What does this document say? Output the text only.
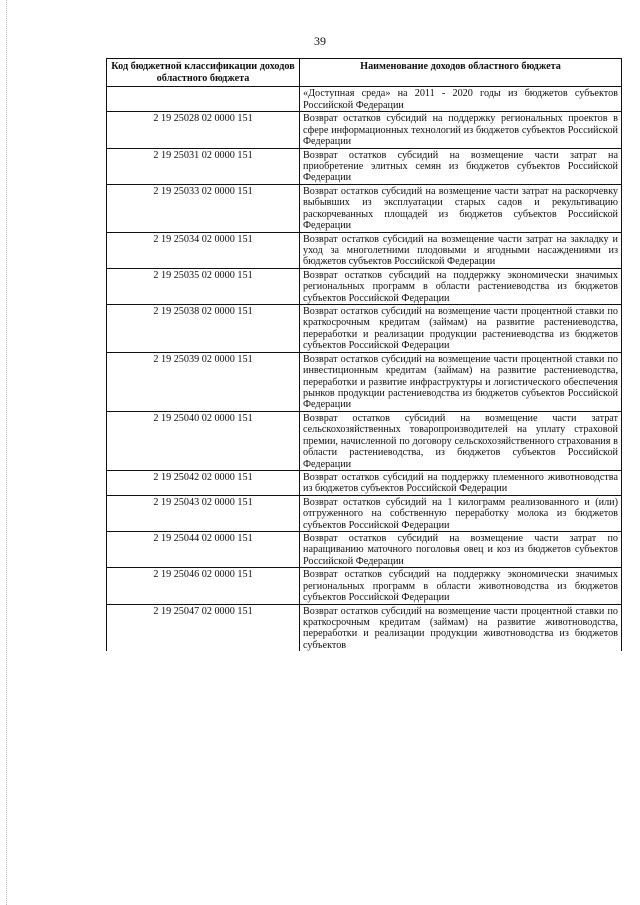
39
Код бюджетной классификации доходов областного бюджета	Наименование доходов областного бюджета
	«Доступная среда» на 2011 - 2020 годы из бюджетов субъектов Российской Федерации
2 19 25028 02 0000 151	Возврат остатков субсидий на поддержку региональных проектов в сфере информационных технологий из бюджетов субъектов Российской Федерации
2 19 25031 02 0000 151	Возврат остатков субсидий на возмещение части затрат на приобретение элитных семян из бюджетов субъектов Российской Федерации
2 19 25033 02 0000 151	Возврат остатков субсидий на возмещение части затрат на раскорчевку выбывших из эксплуатации старых садов и рекультивацию раскорчеванных площадей из бюджетов субъектов Российской Федерации
2 19 25034 02 0000 151	Возврат остатков субсидий на возмещение части затрат на закладку и уход за многолетними плодовыми и ягодными насаждениями из бюджетов субъектов Российской Федерации
2 19 25035 02 0000 151	Возврат остатков субсидий на поддержку экономически значимых региональных программ в области растениеводства из бюджетов субъектов Российской Федерации
2 19 25038 02 0000 151	Возврат остатков субсидий на возмещение части процентной ставки по краткосрочным кредитам (займам) на развитие растениеводства, переработки и реализации продукции растениеводства из бюджетов субъектов Российской Федерации
2 19 25039 02 0000 151	Возврат остатков субсидий на возмещение части процентной ставки по инвестиционным кредитам (займам) на развитие растениеводства, переработки и развитие инфраструктуры и логистического обеспечения рынков продукции растениеводства из бюджетов субъектов Российской Федерации
2 19 25040 02 0000 151	Возврат остатков субсидий на возмещение части затрат сельскохозяйственных товаропроизводителей на уплату страховой премии, начисленной по договору сельскохозяйственного страхования в области растениеводства, из бюджетов субъектов Российской Федерации
2 19 25042 02 0000 151	Возврат остатков субсидий на поддержку племенного животноводства из бюджетов субъектов Российской Федерации
2 19 25043 02 0000 151	Возврат остатков субсидий на 1 килограмм реализованного и (или) отгруженного на собственную переработку молока из бюджетов субъектов Российской Федерации
2 19 25044 02 0000 151	Возврат остатков субсидий на возмещение части затрат по наращиванию маточного поголовья овец и коз из бюджетов субъектов Российской Федерации
2 19 25046 02 0000 151	Возврат остатков субсидий на поддержку экономически значимых региональных программ в области животноводства из бюджетов субъектов Российской Федерации
2 19 25047 02 0000 151	Возврат остатков субсидий на возмещение части процентной ставки по краткосрочным кредитам (займам) на развитие животноводства, переработки и реализации продукции животноводства из бюджетов субъектов
